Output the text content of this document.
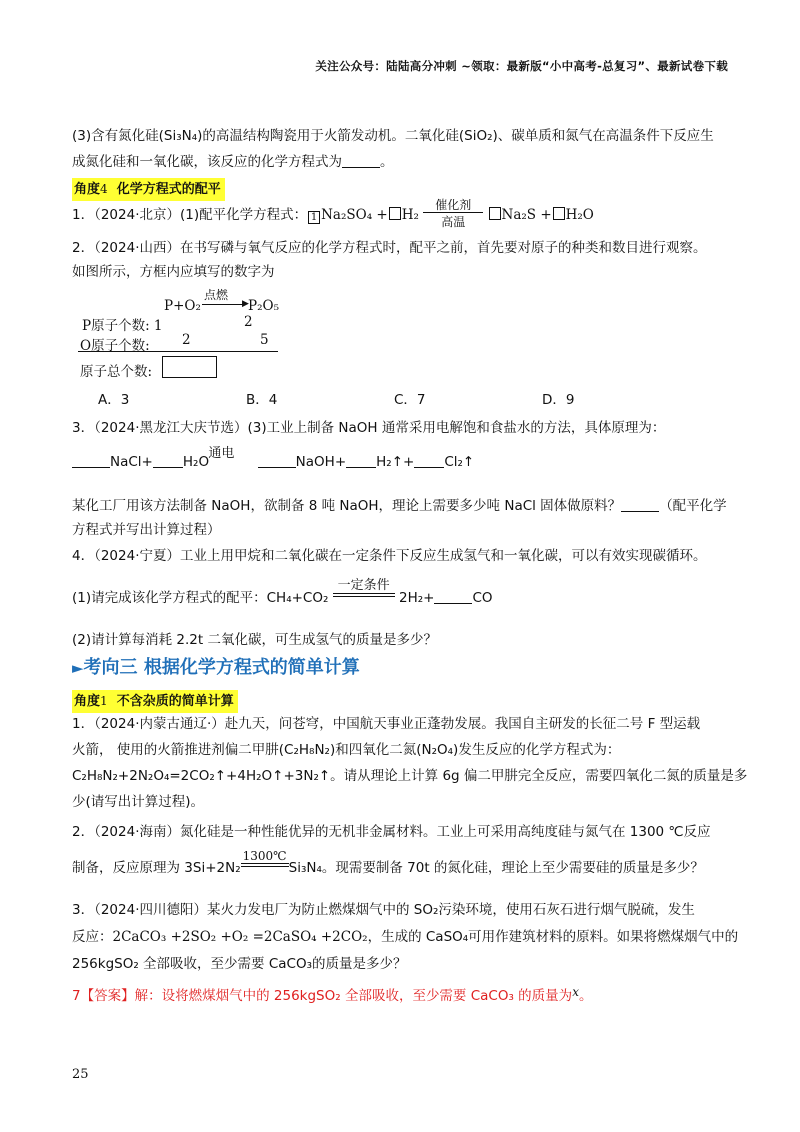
关注公众号：陆陆高分冲刺 ~领取：最新版“小中高考-总复习”、最新试卷下载
(3)含有氮化硅(Si₃N₄)的高温结构陶瓷用于火箭发动机。二氧化硅(SiO₂)、碳单质和氮气在高温条件下反应生
成氮化硅和一氧化碳，该反应的化学方程式为	。
角度4 化学方程式的配平
1．（2024·北京）(1)配平化学方程式： 1 Na₂SO₄ + H₂
催化剂
高温	Na₂S + H₂O
2．（2024·山西）在书写磷与氧气反应的化学方程式时，配平之前，首先要对原子的种类和数目进行观察。
如图所示，方框内应填写的数字为
P+O₂
点燃
▶ P₂O₅
P原子个数: 1	2
O原子个数: 2	5
原子总个数:
A．3	B．4	C．7	D．9
3．（2024·黑龙江大庆节选）(3)工业上制备 NaOH 通常采用电解饱和食盐水的方法，具体原理为：
NaCl+ H₂O
通电
NaOH+ H₂↑+ Cl₂↑
某化工厂用该方法制备 NaOH，欲制备 8 吨 NaOH，理论上需要多少吨 NaCl 固体做原料？	（配平化学
方程式并写出计算过程）
4．（2024·宁夏）工业上用甲烷和二氧化碳在一定条件下反应生成氢气和一氧化碳，可以有效实现碳循环。
(1)请完成该化学方程式的配平：CH₄+CO₂
一定条件
2H₂+	CO
(2)请计算每消耗 2.2t 二氧化碳，可生成氢气的质量是多少？
►考向三 根据化学方程式的简单计算
角度1 不含杂质的简单计算
1．（2024·内蒙古通辽·）赴九天，问苍穹，中国航天事业正蓬勃发展。我国自主研发的长征二号 F 型运载
火箭， 使用的火箭推进剂偏二甲肼(C₂H₈N₂)和四氧化二氮(N₂O₄)发生反应的化学方程式为：
C₂H₈N₂+2N₂O₄=2CO₂↑+4H₂O↑+3N₂↑。请从理论上计算 6g 偏二甲肼完全反应，需要四氧化二氮的质量是多
少(请写出计算过程)。
2．（2024·海南）氮化硅是一种性能优异的无机非金属材料。工业上可采用高纯度硅与氮气在 1300 ℃反应
制备，反应原理为 3Si+2N₂
1300℃
Si₃N₄。现需要制备 70t 的氮化硅，理论上至少需要硅的质量是多少？
3．（2024·四川德阳）某火力发电厂为防止燃煤烟气中的 SO₂污染环境，使用石灰石进行烟气脱硫，发生
反应：2CaCO₃ +2SO₂ +O₂ =2CaSO₄ +2CO₂，生成的 CaSO₄可用作建筑材料的原料。如果将燃煤烟气中的
256kgSO₂ 全部吸收，至少需要 CaCO₃的质量是多少？
7【答案】解：设将燃煤烟气中的 256kgSO₂ 全部吸收，至少需要 CaCO₃ 的质量为x。
25
